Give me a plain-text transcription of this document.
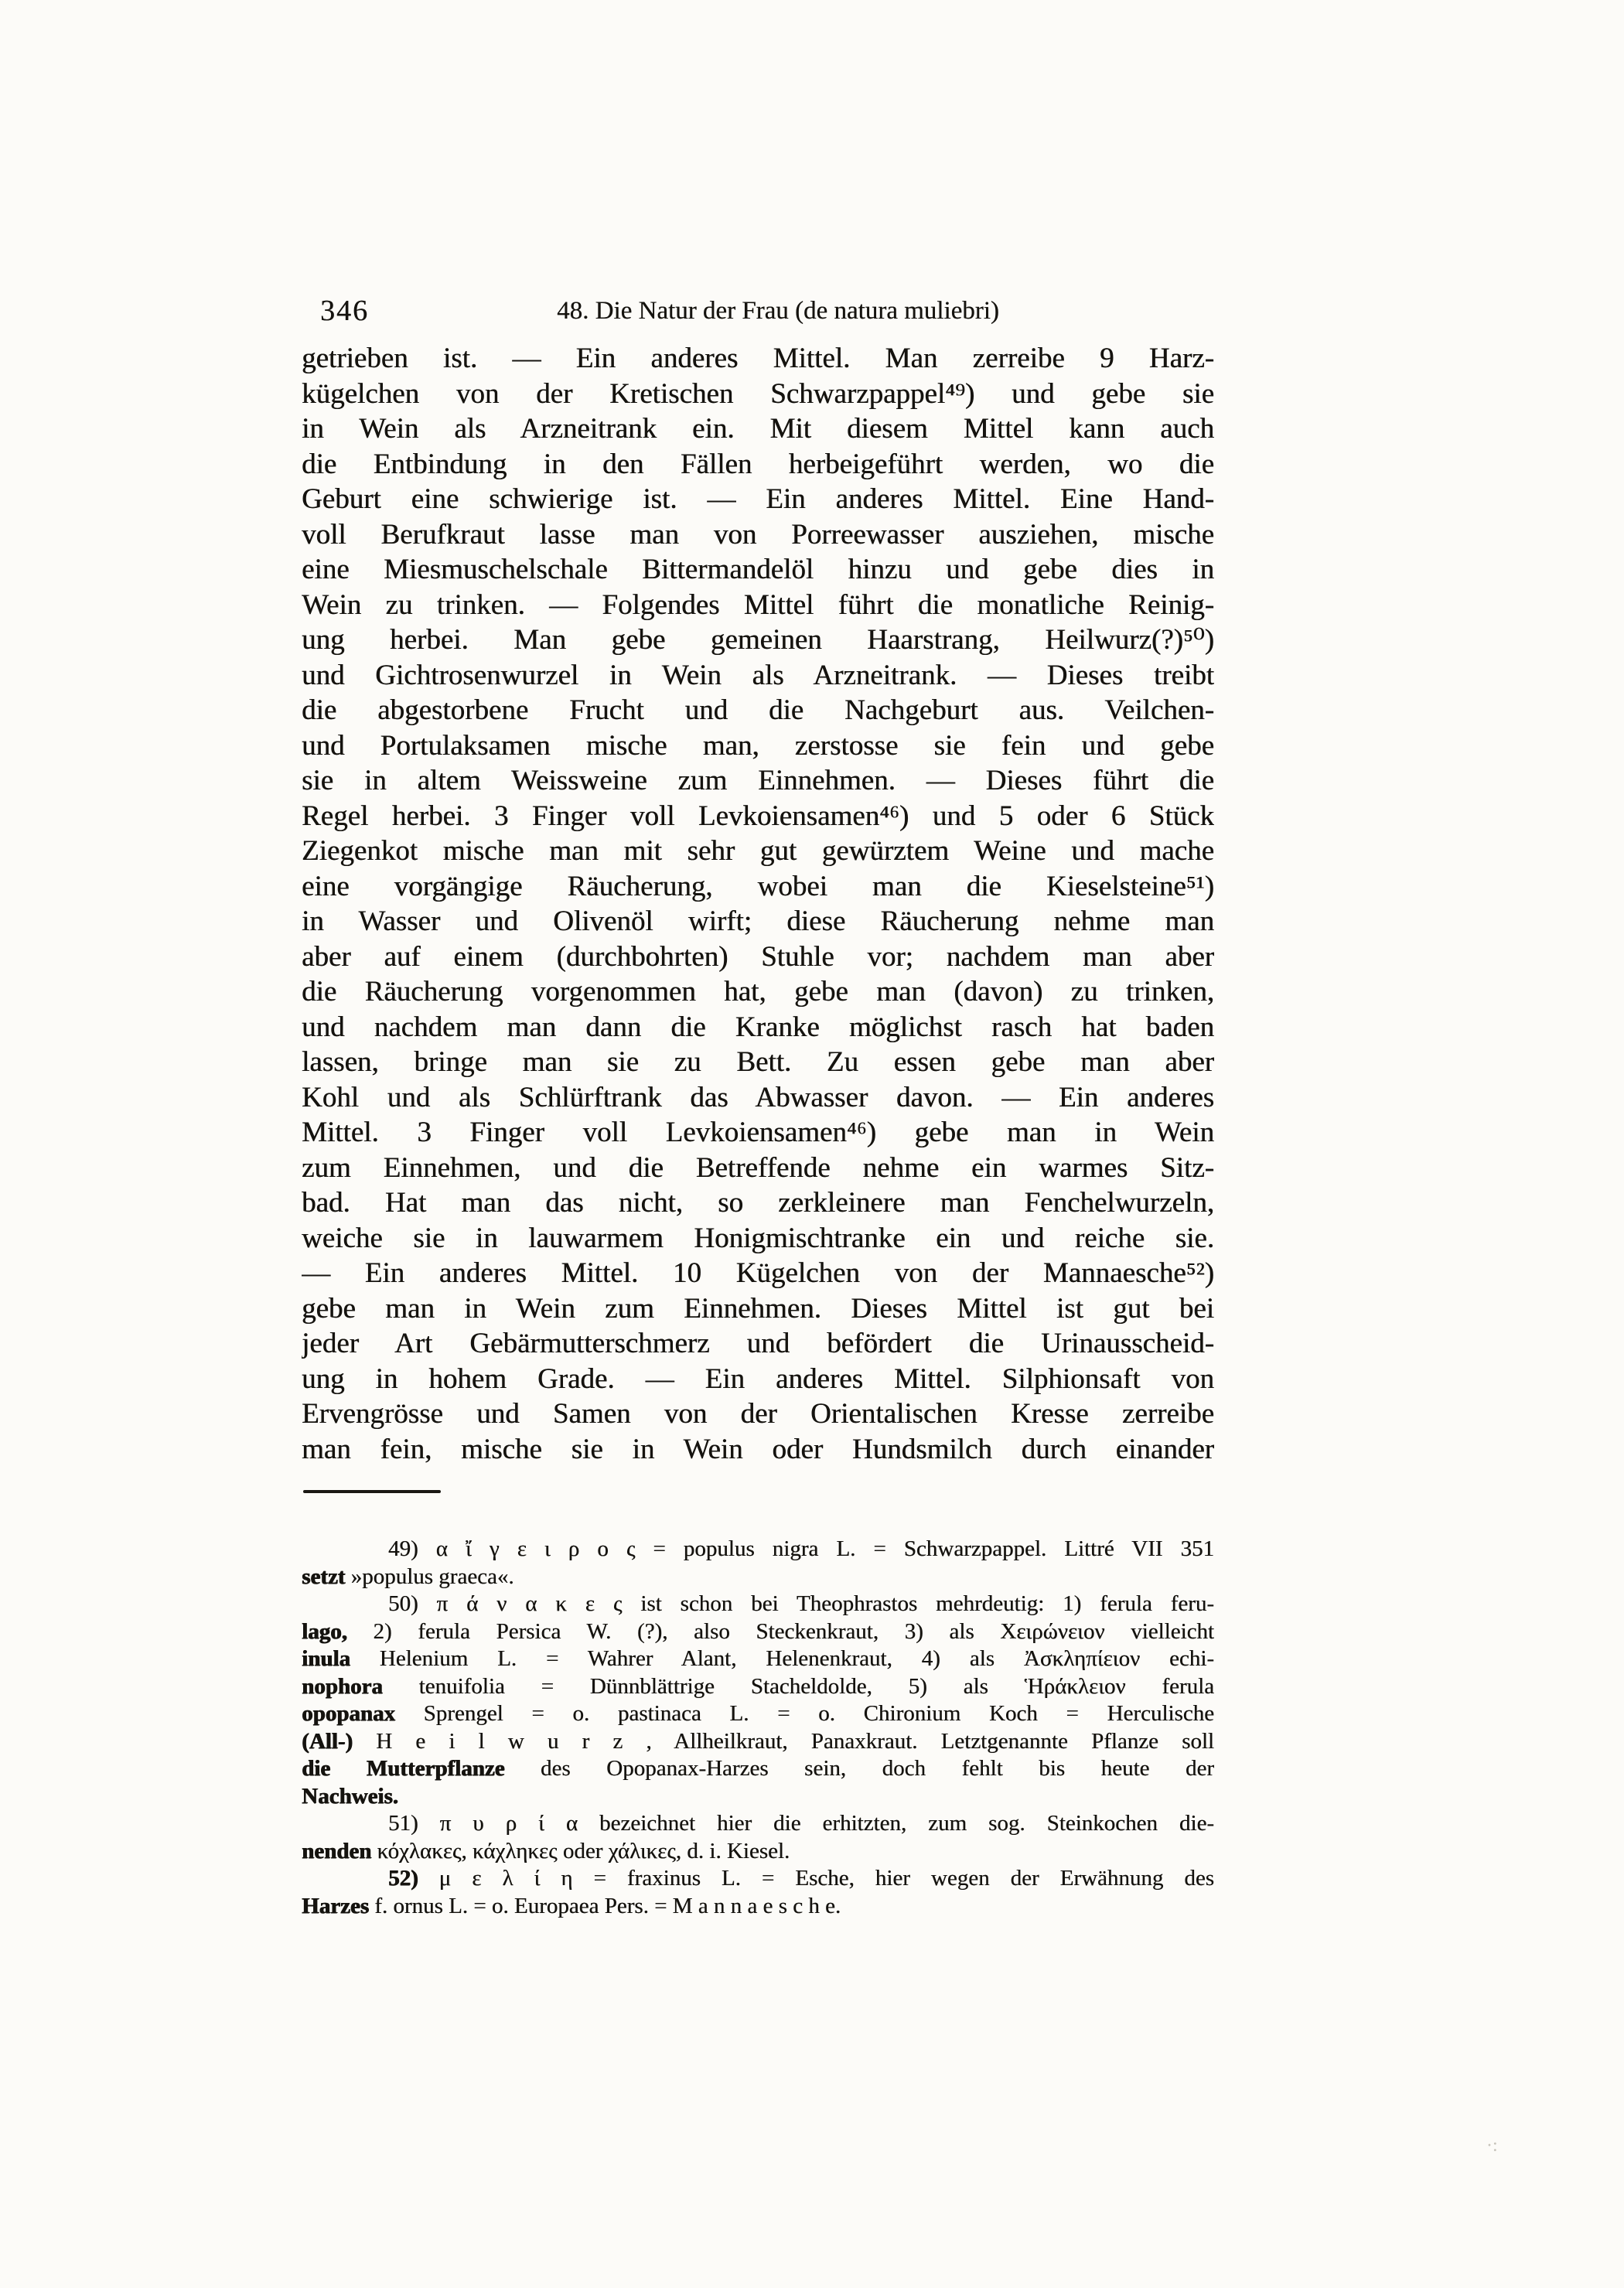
346	48. Die Natur der Frau (de natura muliebri)
getrieben ist. — Ein anderes Mittel. Man zerreibe 9 Harz-
kügelchen von der Kretischen Schwarzpappel⁴⁹) und gebe sie
in Wein als Arzneitrank ein. Mit diesem Mittel kann auch
die Entbindung in den Fällen herbeigeführt werden, wo die
Geburt eine schwierige ist. — Ein anderes Mittel. Eine Hand-
voll Berufkraut lasse man von Porreewasser ausziehen, mische
eine Miesmuschelschale Bittermandelöl hinzu und gebe dies in
Wein zu trinken. — Folgendes Mittel führt die monatliche Reinig-
ung herbei. Man gebe gemeinen Haarstrang, Heilwurz(?)⁵⁰)
und Gichtrosenwurzel in Wein als Arzneitrank. — Dieses treibt
die abgestorbene Frucht und die Nachgeburt aus. Veilchen-
und Portulaksamen mische man, zerstosse sie fein und gebe
sie in altem Weissweine zum Einnehmen. — Dieses führt die
Regel herbei. 3 Finger voll Levkoiensamen⁴⁶) und 5 oder 6 Stück
Ziegenkot mische man mit sehr gut gewürztem Weine und mache
eine vorgängige Räucherung, wobei man die Kieselsteine⁵¹)
in Wasser und Olivenöl wirft; diese Räucherung nehme man
aber auf einem (durchbohrten) Stuhle vor; nachdem man aber
die Räucherung vorgenommen hat, gebe man (davon) zu trinken,
und nachdem man dann die Kranke möglichst rasch hat baden
lassen, bringe man sie zu Bett. Zu essen gebe man aber
Kohl und als Schlürftrank das Abwasser davon. — Ein anderes
Mittel. 3 Finger voll Levkoiensamen⁴⁶) gebe man in Wein
zum Einnehmen, und die Betreffende nehme ein warmes Sitz-
bad. Hat man das nicht, so zerkleinere man Fenchelwurzeln,
weiche sie in lauwarmem Honigmischtranke ein und reiche sie.
— Ein anderes Mittel. 10 Kügelchen von der Mannaesche⁵²)
gebe man in Wein zum Einnehmen. Dieses Mittel ist gut bei
jeder Art Gebärmutterschmerz und befördert die Urinausscheid-
ung in hohem Grade. — Ein anderes Mittel. Silphionsaft von
Ervengrösse und Samen von der Orientalischen Kresse zerreibe
man fein, mische sie in Wein oder Hundsmilch durch einander
49) α ἴ γ ε ι ρ ο ς = populus nigra L. = Schwarzpappel. Littré VII 351
setzt »populus graeca«.
50) π ά ν α κ ε ς ist schon bei Theophrastos mehrdeutig: 1) ferula feru-
lago, 2) ferula Persica W. (?), also Steckenkraut, 3) als Χειρώνειον vielleicht
inula Helenium L. = Wahrer Alant, Helenenkraut, 4) als Ἀσκληπίειον echi-
nophora tenuifolia = Dünnblättrige Stacheldolde, 5) als Ἡράκλειον ferula
opopanax Sprengel = o. pastinaca L. = o. Chironium Koch = Herculische
(All-) H e i l w u r z , Allheilkraut, Panaxkraut. Letztgenannte Pflanze soll
die Mutterpflanze des Opopanax-Harzes sein, doch fehlt bis heute der
Nachweis.
51) π υ ρ ί α bezeichnet hier die erhitzten, zum sog. Steinkochen die-
nenden κόχλακες, κάχληκες oder χάλικες, d. i. Kiesel.
52) μ ε λ ί η = fraxinus L. = Esche, hier wegen der Erwähnung des
Harzes f. ornus L. = o. Europaea Pers. = M a n n a e s c h e.
·:
